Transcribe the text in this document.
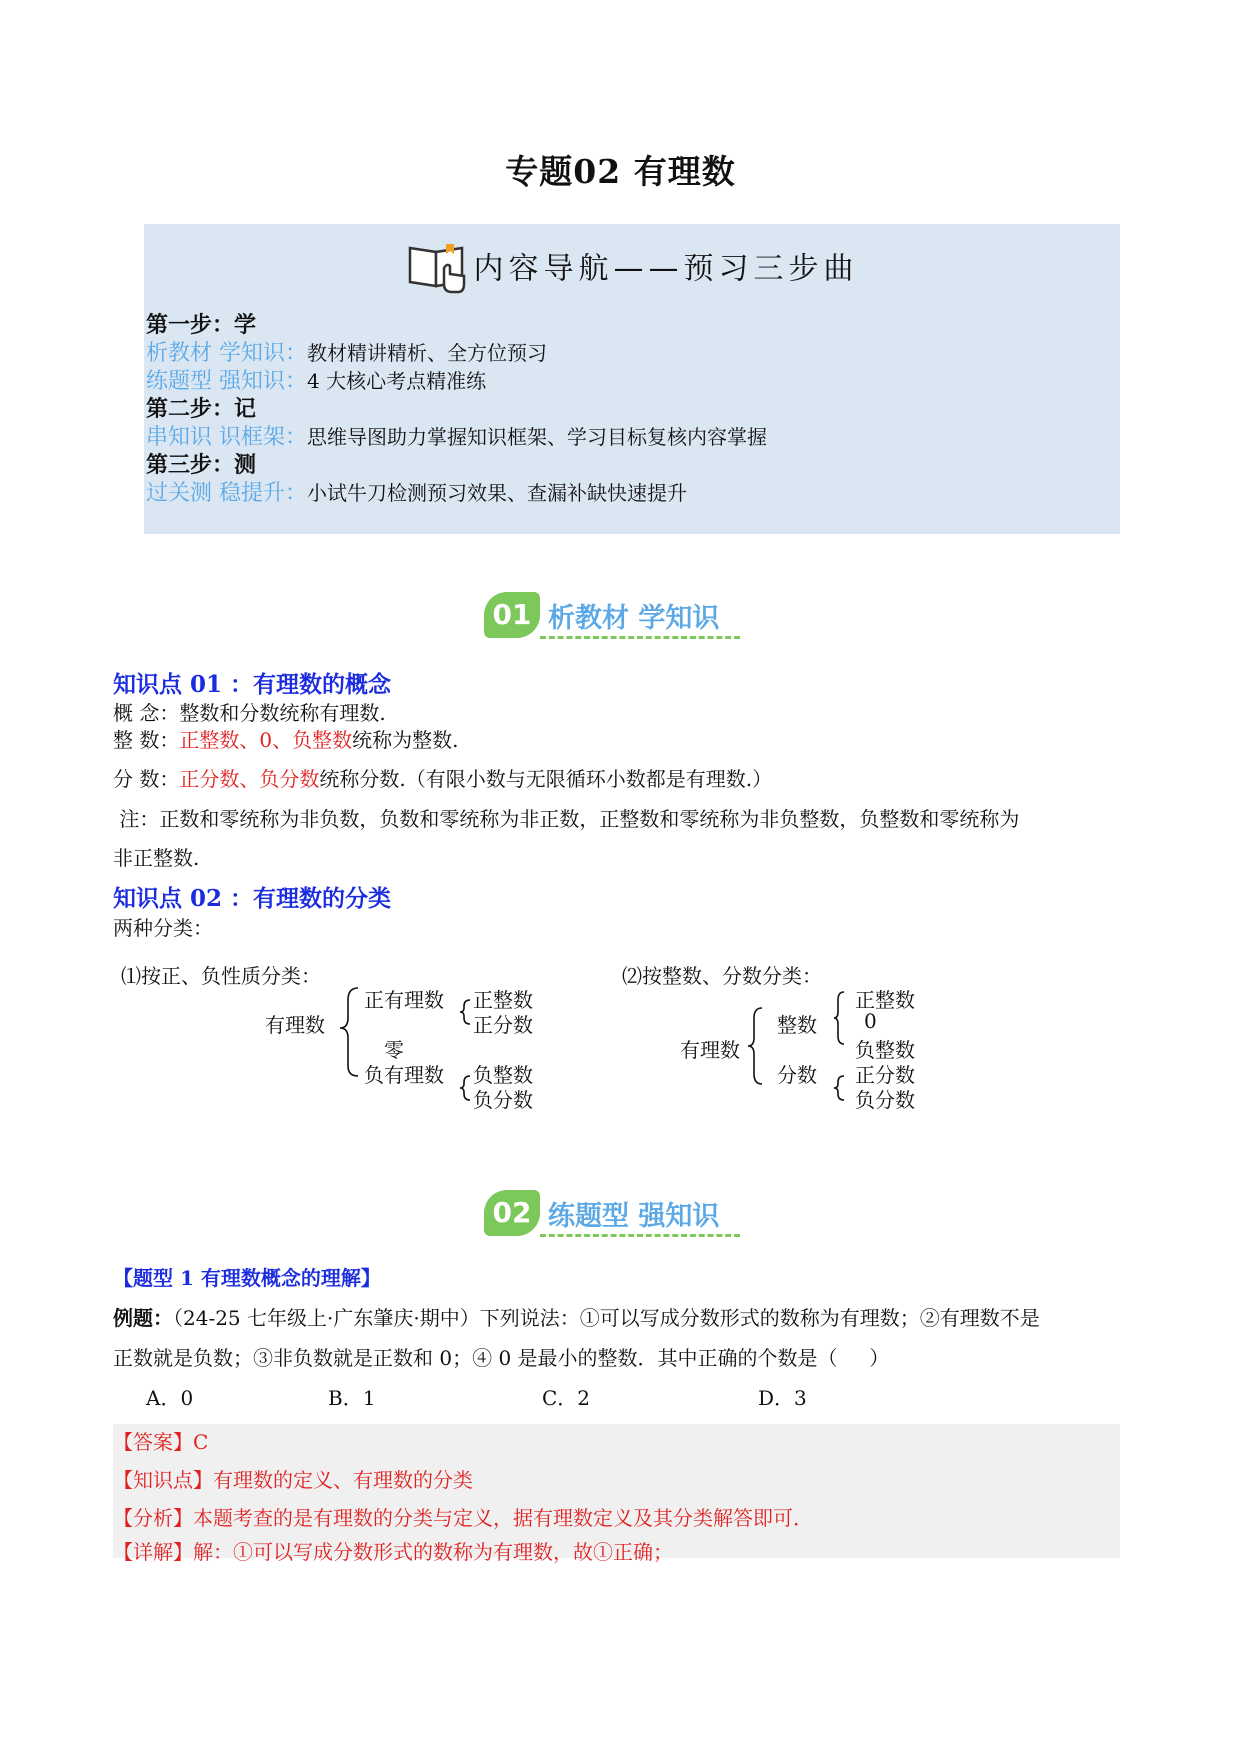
专题02 有理数
内容导航——预习三步曲
第一步：学
析教材 学知识：教材精讲精析、全方位预习
练题型 强知识：4 大核心考点精准练
第二步：记
串知识 识框架：思维导图助力掌握知识框架、学习目标复核内容掌握
第三步：测
过关测 稳提升：小试牛刀检测预习效果、查漏补缺快速提升
01 析教材 学知识
知识点 01 ：有理数的概念
概 念：整数和分数统称有理数.
整 数：正整数、0、负整数统称为整数.
分 数：正分数、负分数统称分数.（有限小数与无限循环小数都是有理数.）
注：正数和零统称为非负数，负数和零统称为非正数，正整数和零统称为非负整数，负整数和零统称为
非正整数.
知识点 02 ：有理数的分类
两种分类：
⑴按正、负性质分类：
有理数
正有理数 正整数
正分数
零
负有理数 负整数
负分数
⑵按整数、分数分类：
有理数
整数
分数
正整数
0
负整数
正分数
负分数
02 练题型 强知识
【题型 1 有理数概念的理解】
例题：（24-25 七年级上·广东肇庆·期中）下列说法：①可以写成分数形式的数称为有理数；②有理数不是
正数就是负数；③非负数就是正数和 0；④ 0 是最小的整数．其中正确的个数是（     ）
A．0	B．1	C．2	D．3
【答案】C
【知识点】有理数的定义、有理数的分类
【分析】本题考查的是有理数的分类与定义，据有理数定义及其分类解答即可．
【详解】解：①可以写成分数形式的数称为有理数，故①正确；
